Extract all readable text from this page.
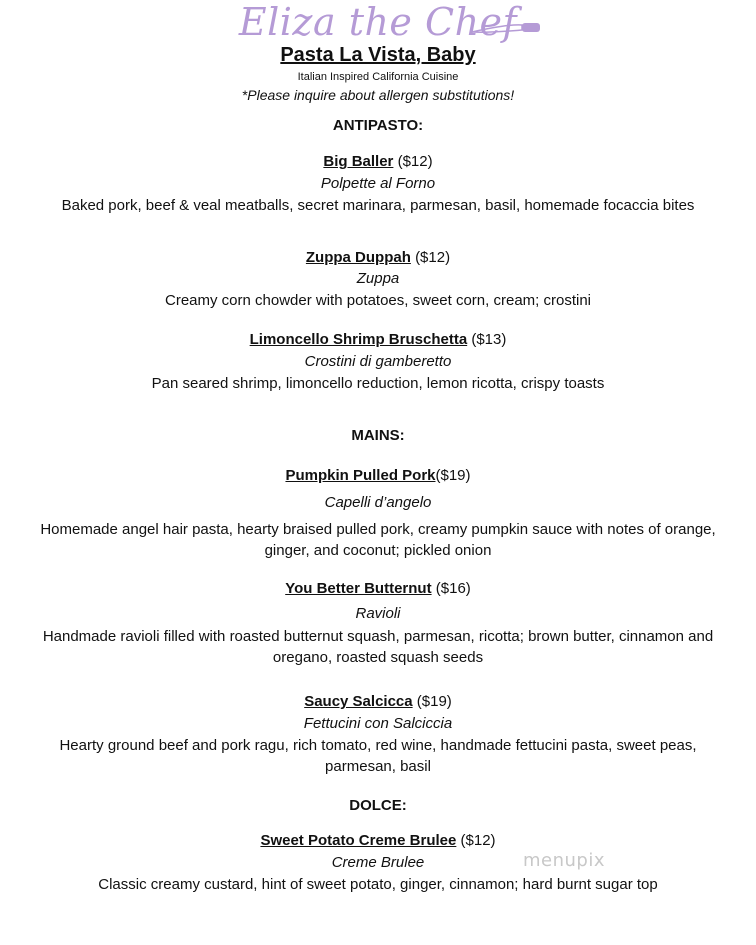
Eliza the Chef
Pasta La Vista, Baby
Italian Inspired California Cuisine
*Please inquire about allergen substitutions!
ANTIPASTO:
Big Baller ($12)
Polpette al Forno
Baked pork, beef & veal meatballs, secret marinara, parmesan, basil, homemade focaccia bites
Zuppa Duppah ($12)
Zuppa
Creamy corn chowder with potatoes, sweet corn, cream; crostini
Limoncello Shrimp Bruschetta ($13)
Crostini di gamberetto
Pan seared shrimp, limoncello reduction, lemon ricotta, crispy toasts
MAINS:
Pumpkin Pulled Pork($19)
Capelli d’angelo
Homemade angel hair pasta, hearty braised pulled pork, creamy pumpkin sauce with notes of orange, ginger, and coconut; pickled onion
You Better Butternut ($16)
Ravioli
Handmade ravioli filled with roasted butternut squash, parmesan, ricotta; brown butter, cinnamon and oregano, roasted squash seeds
Saucy Salcicca ($19)
Fettucini con Salciccia
Hearty ground beef and pork ragu, rich tomato, red wine, handmade fettucini pasta, sweet peas, parmesan, basil
DOLCE:
Sweet Potato Creme Brulee ($12)
Creme Brulee
Classic creamy custard, hint of sweet potato, ginger, cinnamon; hard burnt sugar top
menupix
